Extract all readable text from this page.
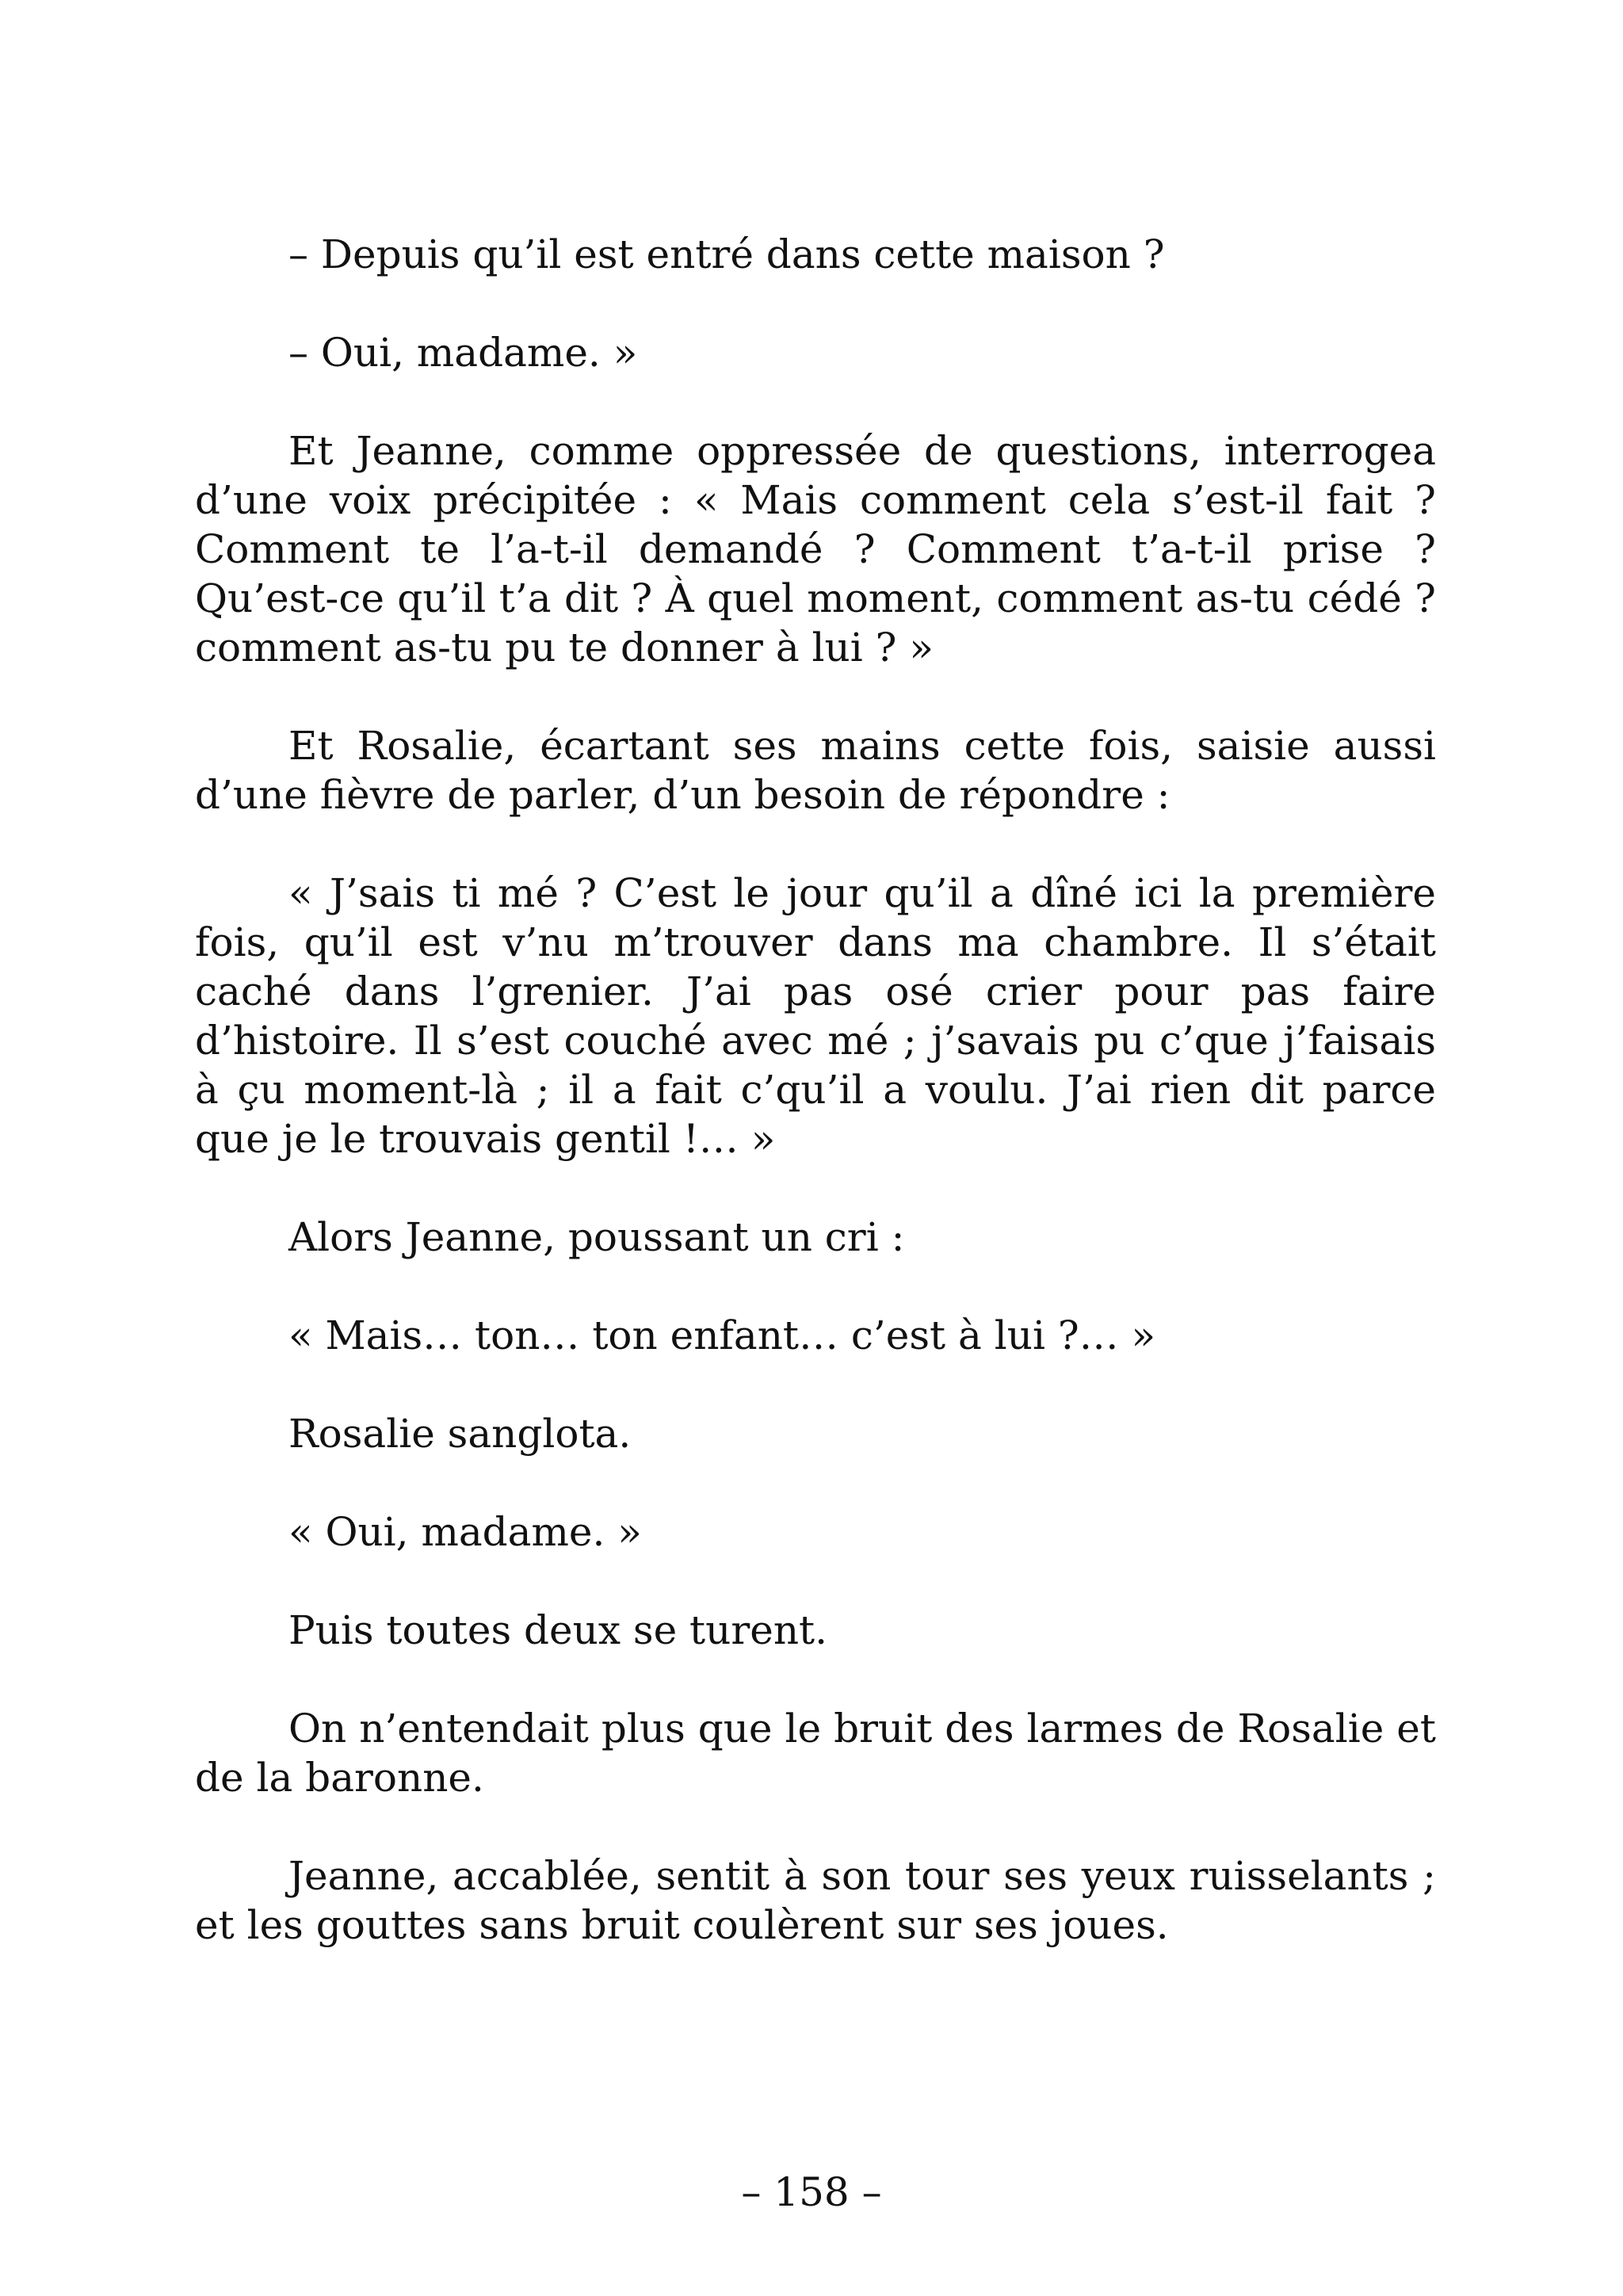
– Depuis qu’il est entré dans cette maison ?

– Oui, madame. »

Et Jeanne, comme oppressée de questions, interrogea d’une voix précipitée : « Mais comment cela s’est-il fait ? Comment te l’a-t-il demandé ? Comment t’a-t-il prise ? Qu’est-ce qu’il t’a dit ? À quel moment, comment as-tu cédé ? comment as-tu pu te donner à lui ? »

Et Rosalie, écartant ses mains cette fois, saisie aussi d’une fièvre de parler, d’un besoin de répondre :

« J’sais ti mé ? C’est le jour qu’il a dîné ici la première fois, qu’il est v’nu m’trouver dans ma chambre. Il s’était caché dans l’grenier. J’ai pas osé crier pour pas faire d’histoire. Il s’est couché avec mé ; j’savais pu c’que j’faisais à çu moment-là ; il a fait c’qu’il a voulu. J’ai rien dit parce que je le trouvais gentil !… »

Alors Jeanne, poussant un cri :

« Mais… ton… ton enfant… c’est à lui ?… »

Rosalie sanglota.

« Oui, madame. »

Puis toutes deux se turent.

On n’entendait plus que le bruit des larmes de Rosalie et de la baronne.

Jeanne, accablée, sentit à son tour ses yeux ruisselants ; et les gouttes sans bruit coulèrent sur ses joues.

– 158 –
